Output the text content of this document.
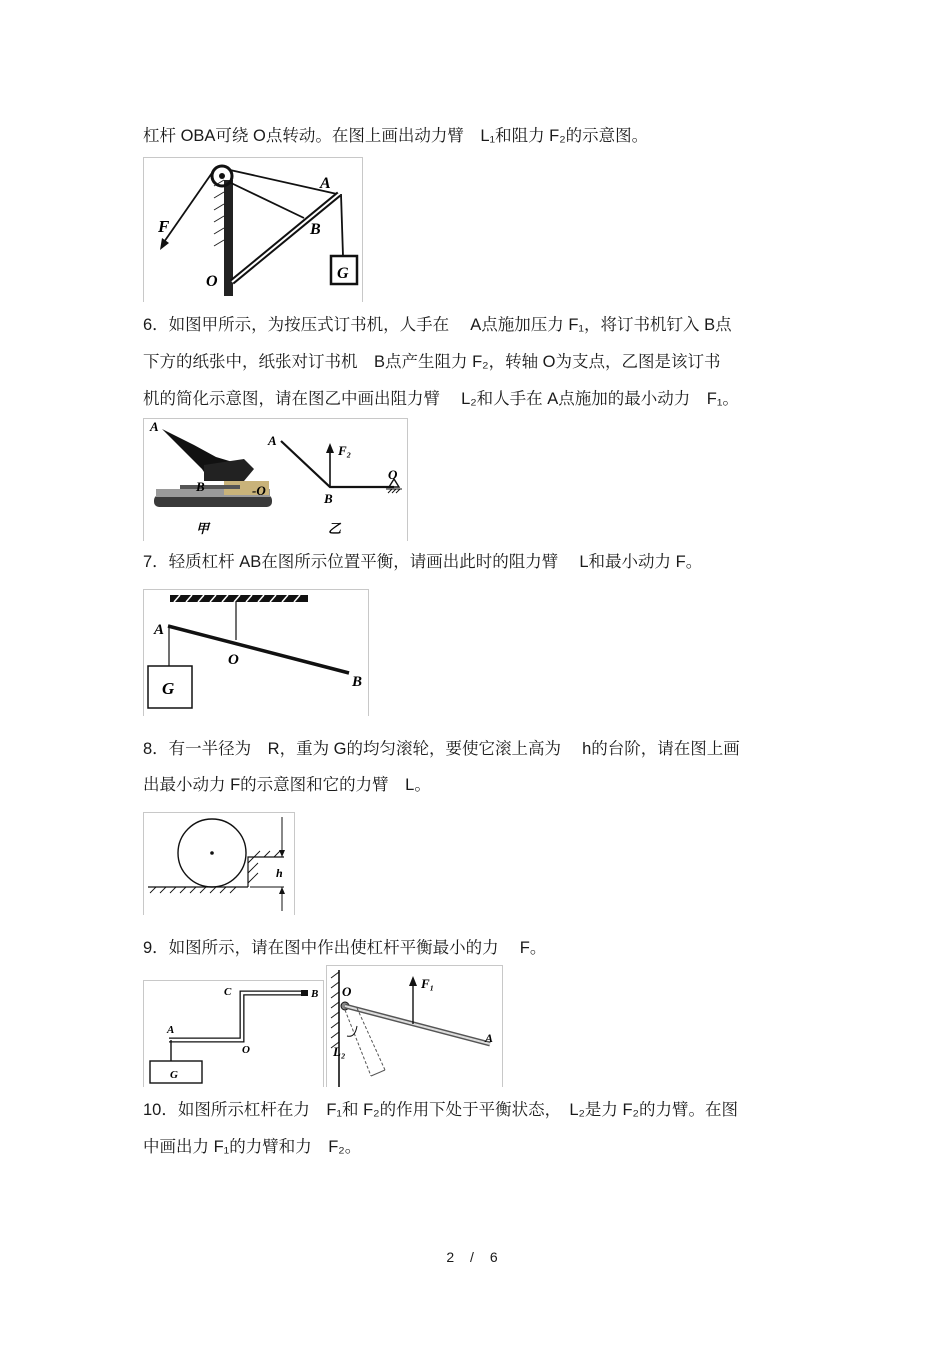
杠杆 OBA可绕 O点转动。在图上画出动力臂　L₁和阻力 F₂的示意图。
F
A
B
O	G
6．如图甲所示，为按压式订书机，人手在　 A点施加压力 F₁，将订书机钉入 B点
下方的纸张中，纸张对订书机　B点产生阻力 F₂，转轴 O为支点，乙图是该订书
机的简化示意图，请在图乙中画出阻力臂　 L₂和人手在 A点施加的最小动力　F₁。
A
B	-O
甲
A
F₂
B
O
乙
7．轻质杠杆 AB在图所示位置平衡，请画出此时的阻力臂　 L和最小动力 F。
A
O
B
G
8．有一半径为　R，重为 G的均匀滚轮，要使它滚上高为　 h的台阶，请在图上画
出最小动力 F的示意图和它的力臂　L。
h
9．如图所示，请在图中作出使杠杆平衡最小的力　 F。
C	B
A
O
G
O
F₁
A
L₂
10．如图所示杠杆在力　F₁和 F₂的作用下处于平衡状态，　L₂是力 F₂的力臂。在图
中画出力 F₁的力臂和力　F₂。
2 / 6
